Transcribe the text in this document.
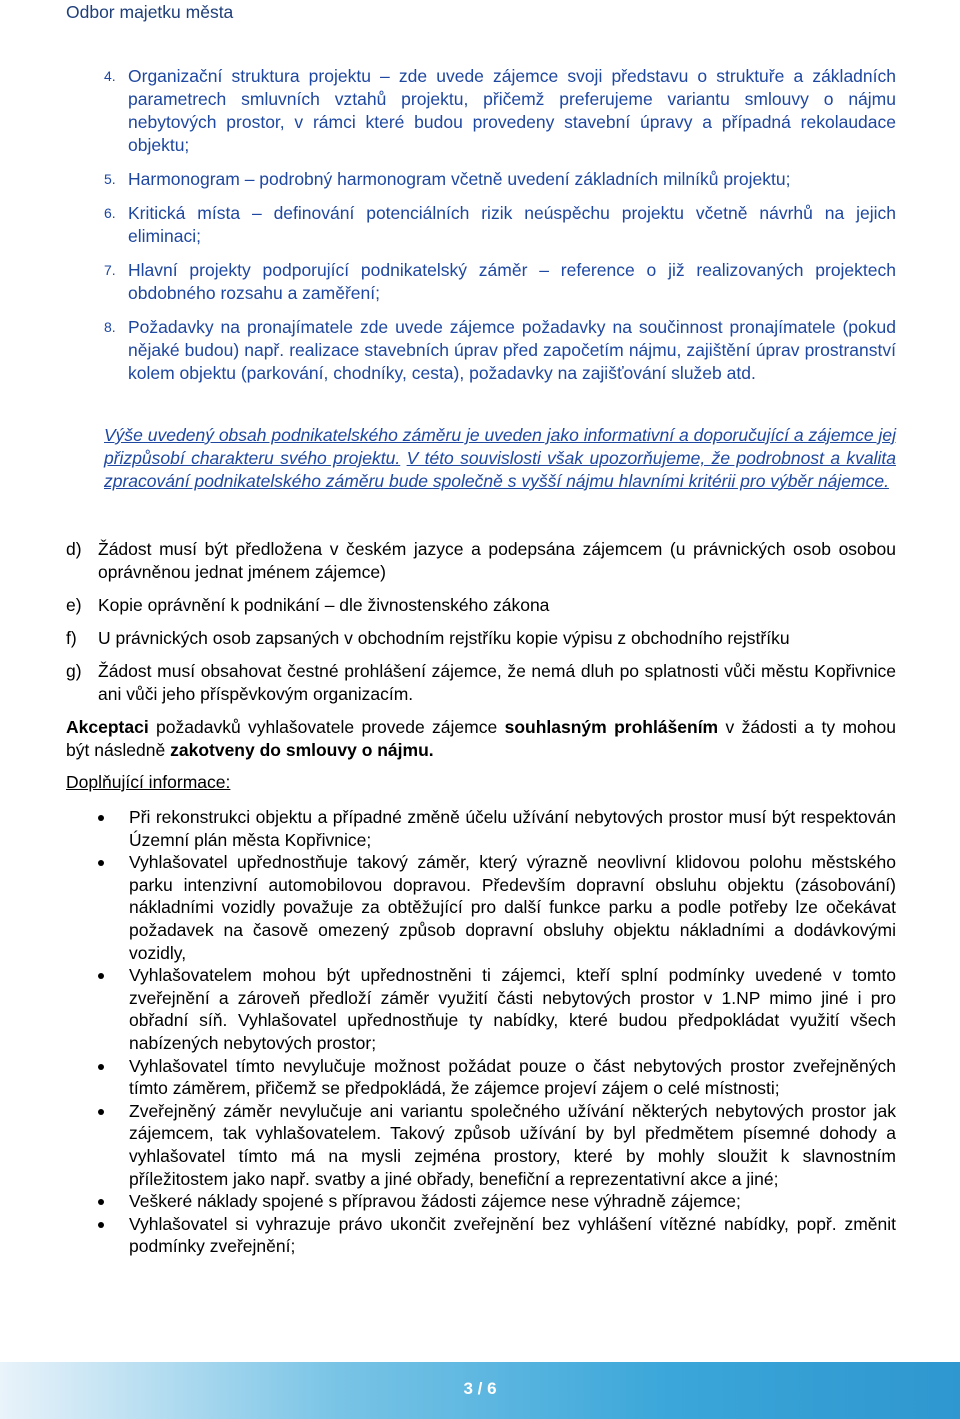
Odbor majetku města
4. Organizační struktura projektu – zde uvede zájemce svoji představu o struktuře a základních parametrech smluvních vztahů projektu, přičemž preferujeme variantu smlouvy o nájmu nebytových prostor, v rámci které budou provedeny stavební úpravy a případná rekolaudace objektu;
5. Harmonogram – podrobný harmonogram včetně uvedení základních milníků projektu;
6. Kritická místa – definování potenciálních rizik neúspěchu projektu včetně návrhů na jejich eliminaci;
7. Hlavní projekty podporující podnikatelský záměr – reference o již realizovaných projektech obdobného rozsahu a zaměření;
8. Požadavky na pronajímatele zde uvede zájemce požadavky na součinnost pronajímatele (pokud nějaké budou) např. realizace stavebních úprav před započetím nájmu, zajištění úprav prostranství kolem objektu (parkování, chodníky, cesta), požadavky na zajišťování služeb atd.
Výše uvedený obsah podnikatelského záměru je uveden jako informativní a doporučující a zájemce jej přizpůsobí charakteru svého projektu. V této souvislosti však upozorňujeme, že podrobnost a kvalita zpracování podnikatelského záměru bude společně s vyšší nájmu hlavními kritérii pro výběr nájemce.
d) Žádost musí být předložena v českém jazyce a podepsána zájemcem (u právnických osob osobou oprávněnou jednat jménem zájemce)
e) Kopie oprávnění k podnikání – dle živnostenského zákona
f) U právnických osob zapsaných v obchodním rejstříku kopie výpisu z obchodního rejstříku
g) Žádost musí obsahovat čestné prohlášení zájemce, že nemá dluh po splatnosti vůči městu Kopřivnice ani vůči jeho příspěvkovým organizacím.
Akceptaci požadavků vyhlašovatele provede zájemce souhlasným prohlášením v žádosti a ty mohou být následně zakotveny do smlouvy o nájmu.
Doplňující informace:
Při rekonstrukci objektu a případné změně účelu užívání nebytových prostor musí být respektován Územní plán města Kopřivnice;
Vyhlašovatel upřednostňuje takový záměr, který výrazně neovlivní klidovou polohu městského parku intenzivní automobilovou dopravou. Především dopravní obsluhu objektu (zásobování) nákladními vozidly považuje za obtěžující pro další funkce parku a podle potřeby lze očekávat požadavek na časově omezený způsob dopravní obsluhy objektu nákladními a dodávkovými vozidly,
Vyhlašovatelem mohou být upřednostněni ti zájemci, kteří splní podmínky uvedené v tomto zveřejnění a zároveň předloží záměr využití části nebytových prostor v 1.NP mimo jiné i pro obřadní síň. Vyhlašovatel upřednostňuje ty nabídky, které budou předpokládat využití všech nabízených nebytových prostor;
Vyhlašovatel tímto nevylučuje možnost požádat pouze o část nebytových prostor zveřejněných tímto záměrem, přičemž se předpokládá, že zájemce projeví zájem o celé místnosti;
Zveřejněný záměr nevylučuje ani variantu společného užívání některých nebytových prostor jak zájemcem, tak vyhlašovatelem. Takový způsob užívání by byl předmětem písemné dohody a vyhlašovatel tímto má na mysli zejména prostory, které by mohly sloužit k slavnostním příležitostem jako např. svatby a jiné obřady, benefiční a reprezentativní akce a jiné;
Veškeré náklady spojené s přípravou žádosti zájemce nese výhradně zájemce;
Vyhlašovatel si vyhrazuje právo ukončit zveřejnění bez vyhlášení vítězné nabídky, popř. změnit podmínky zveřejnění;
3 / 6
